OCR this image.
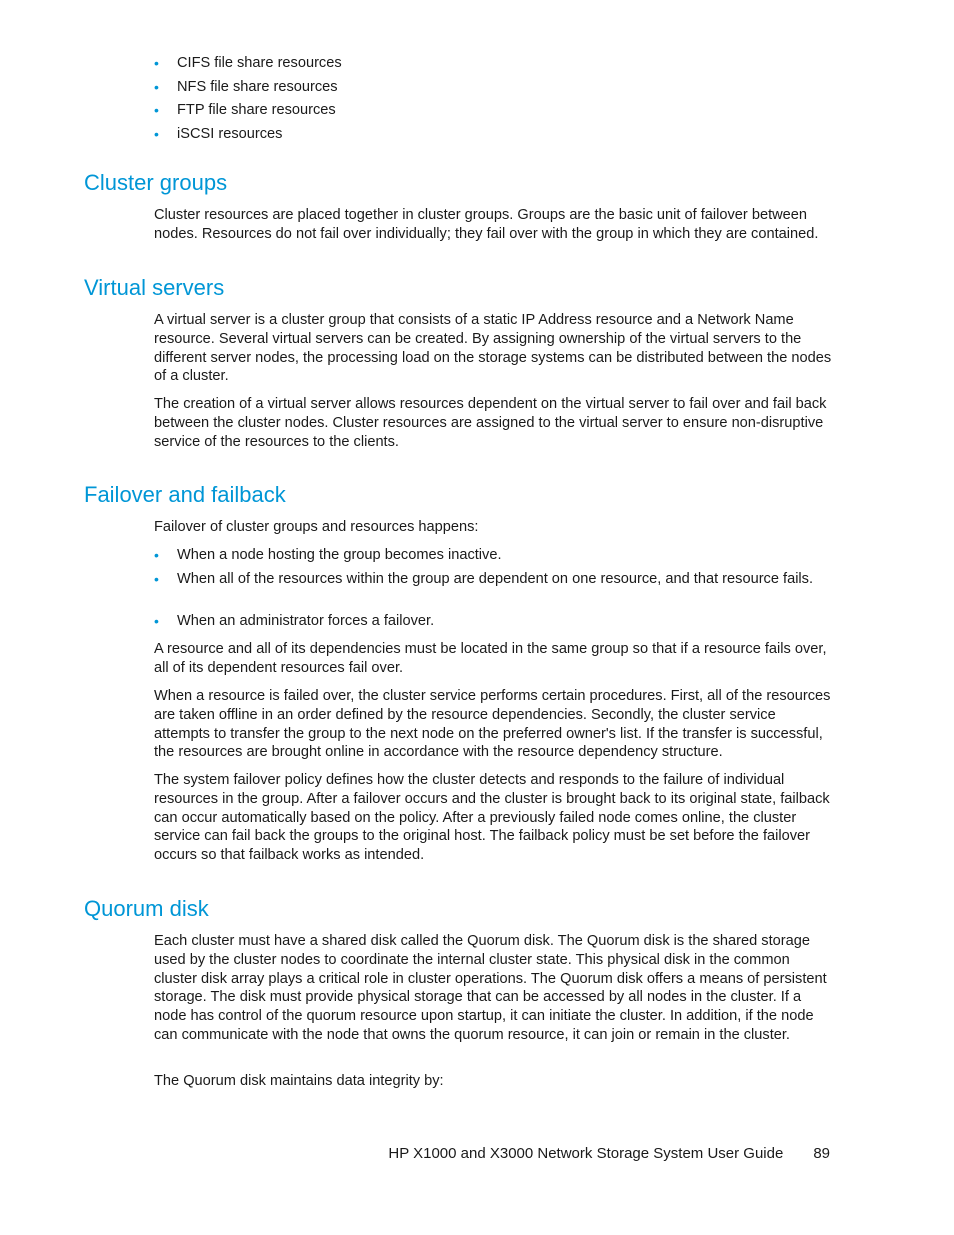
• CIFS file share resources
• NFS file share resources
• FTP file share resources
• iSCSI resources
Cluster groups

Cluster resources are placed together in cluster groups. Groups are the basic unit of failover between nodes. Resources do not fail over individually; they fail over with the group in which they are contained.

Virtual servers

A virtual server is a cluster group that consists of a static IP Address resource and a Network Name resource. Several virtual servers can be created. By assigning ownership of the virtual servers to the different server nodes, the processing load on the storage systems can be distributed between the nodes of a cluster.

The creation of a virtual server allows resources dependent on the virtual server to fail over and fail back between the cluster nodes. Cluster resources are assigned to the virtual server to ensure non-disruptive service of the resources to the clients.

Failover and failback

Failover of cluster groups and resources happens:

• When a node hosting the group becomes inactive.
• When all of the resources within the group are dependent on one resource, and that resource fails.
• When an administrator forces a failover.

A resource and all of its dependencies must be located in the same group so that if a resource fails over, all of its dependent resources fail over.

When a resource is failed over, the cluster service performs certain procedures. First, all of the resources are taken offline in an order defined by the resource dependencies. Secondly, the cluster service attempts to transfer the group to the next node on the preferred owner's list. If the transfer is successful, the resources are brought online in accordance with the resource dependency structure.

The system failover policy defines how the cluster detects and responds to the failure of individual resources in the group. After a failover occurs and the cluster is brought back to its original state, failback can occur automatically based on the policy. After a previously failed node comes online, the cluster service can fail back the groups to the original host. The failback policy must be set before the failover occurs so that failback works as intended.

Quorum disk

Each cluster must have a shared disk called the Quorum disk. The Quorum disk is the shared storage used by the cluster nodes to coordinate the internal cluster state. This physical disk in the common cluster disk array plays a critical role in cluster operations. The Quorum disk offers a means of persistent storage. The disk must provide physical storage that can be accessed by all nodes in the cluster. If a node has control of the quorum resource upon startup, it can initiate the cluster. In addition, if the node can communicate with the node that owns the quorum resource, it can join or remain in the cluster.

The Quorum disk maintains data integrity by:

HP X1000 and X3000 Network Storage System User Guide 89
